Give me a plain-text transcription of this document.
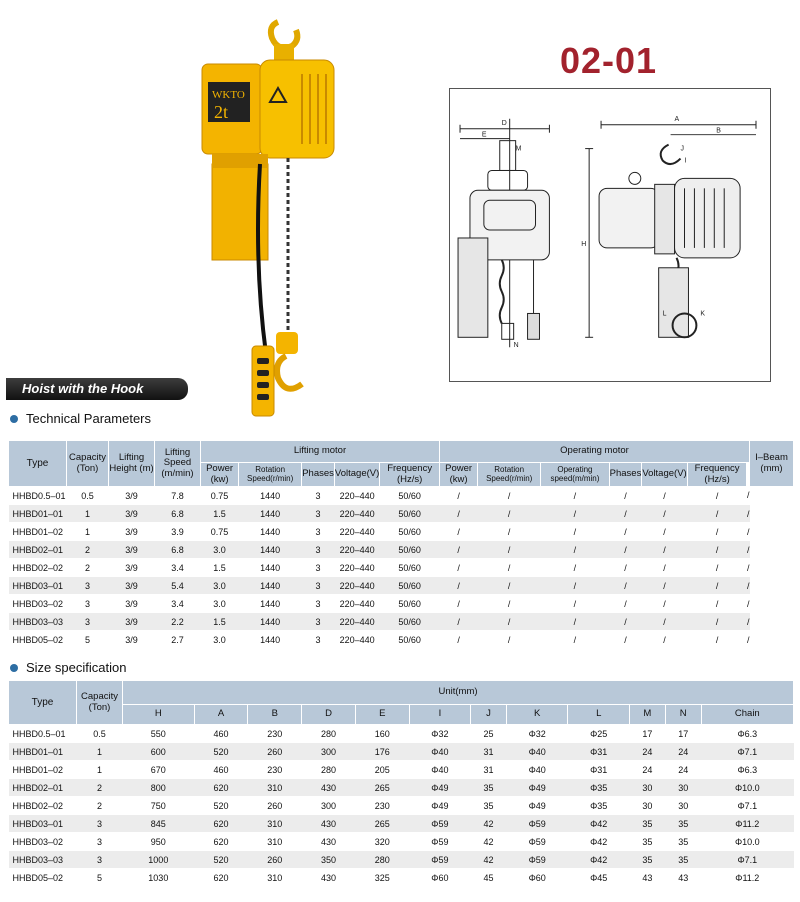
WKTO
2t
02-01
D
E
M
N
A
B
H
I
J
K
L
Hoist with the Hook
Technical Parameters
Type	Capacity (Ton)	Lifting Height (m)	Lifting Speed (m/min)	Lifting motor					Operating motor							I–Beam (mm)
				Power (kw)	Rotation Speed(r/min)	Phases	Voltage(V)	Frequency (Hz/s)	Power (kw)	Rotation Speed(r/min)	Operating speed(m/min)	Phases	Voltage(V)	Frequency (Hz/s)		
HHBD0.5–01	0.5	3/9	7.8	0.75	1440	3	220–440	50/60	/	/	/	/	/	/	/	
HHBD01–01	1	3/9	6.8	1.5	1440	3	220–440	50/60	/	/	/	/	/	/	/	
HHBD01–02	1	3/9	3.9	0.75	1440	3	220–440	50/60	/	/	/	/	/	/	/	
HHBD02–01	2	3/9	6.8	3.0	1440	3	220–440	50/60	/	/	/	/	/	/	/	
HHBD02–02	2	3/9	3.4	1.5	1440	3	220–440	50/60	/	/	/	/	/	/	/	
HHBD03–01	3	3/9	5.4	3.0	1440	3	220–440	50/60	/	/	/	/	/	/	/	
HHBD03–02	3	3/9	3.4	3.0	1440	3	220–440	50/60	/	/	/	/	/	/	/	
HHBD03–03	3	3/9	2.2	1.5	1440	3	220–440	50/60	/	/	/	/	/	/	/	
HHBD05–02	5	3/9	2.7	3.0	1440	3	220–440	50/60	/	/	/	/	/	/	/	
Size specification
Type	Capacity (Ton)	Unit(mm)											
		H	A	B	D	E	I	J	K	L	M	N	Chain
HHBD0.5–01	0.5	550	460	230	280	160	Φ32	25	Φ32	Φ25	17	17	Φ6.3
HHBD01–01	1	600	520	260	300	176	Φ40	31	Φ40	Φ31	24	24	Φ7.1
HHBD01–02	1	670	460	230	280	205	Φ40	31	Φ40	Φ31	24	24	Φ6.3
HHBD02–01	2	800	620	310	430	265	Φ49	35	Φ49	Φ35	30	30	Φ10.0
HHBD02–02	2	750	520	260	300	230	Φ49	35	Φ49	Φ35	30	30	Φ7.1
HHBD03–01	3	845	620	310	430	265	Φ59	42	Φ59	Φ42	35	35	Φ11.2
HHBD03–02	3	950	620	310	430	320	Φ59	42	Φ59	Φ42	35	35	Φ10.0
HHBD03–03	3	1000	520	260	350	280	Φ59	42	Φ59	Φ42	35	35	Φ7.1
HHBD05–02	5	1030	620	310	430	325	Φ60	45	Φ60	Φ45	43	43	Φ11.2
